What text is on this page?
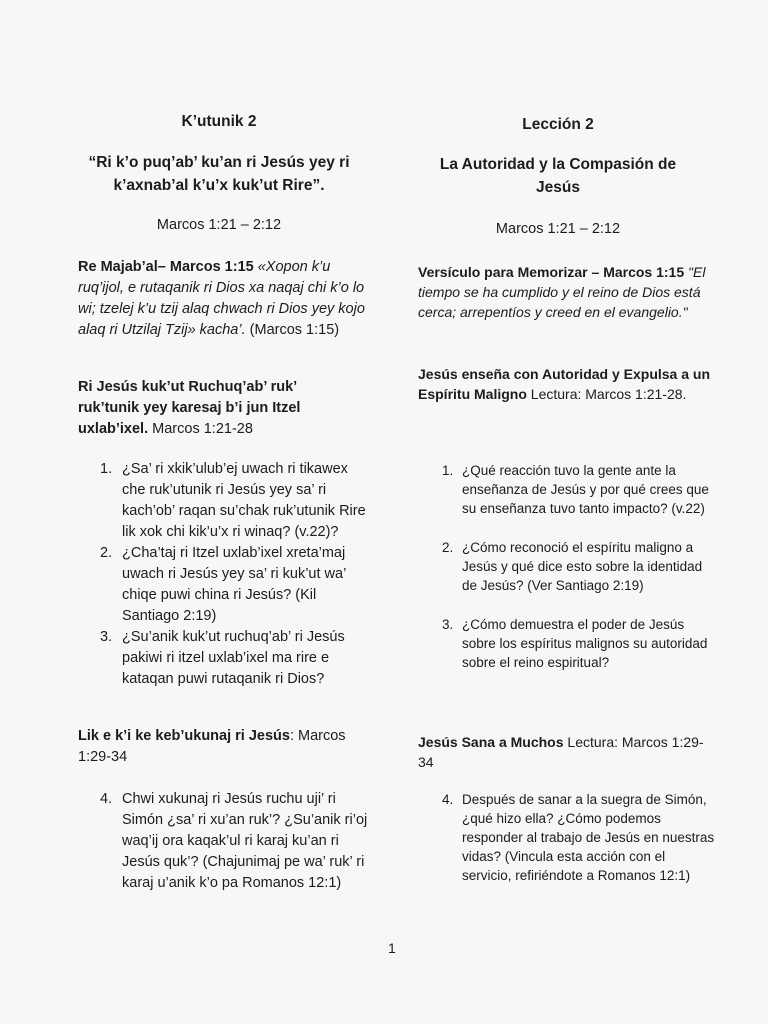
K’utunik 2
“Ri k’o puq’ab’ ku’an ri Jesús yey ri k’axnab’al k’u’x kuk’ut Rire”.
Marcos 1:21 – 2:12

Re Majab’al– Marcos 1:15 «Xopon k’u ruq’ijol, e rutaqanik ri Dios xa naqaj chi k’o lo wi; tzelej k’u tzij alaq chwach ri Dios yey kojo alaq ri Utzilaj Tzij» kacha’. (Marcos 1:15)

Ri Jesús kuk’ut Ruchuq’ab’ ruk’ ruk’tunik yey karesaj b’i jun Itzel uxlab’ixel. Marcos 1:21-28

1. ¿Sa’ ri xkik’ulub’ej uwach ri tikawex che ruk’utunik ri Jesús yey sa’ ri kach’ob’ raqan su’chak ruk’utunik Rire lik xok chi kik’u’x ri winaq? (v.22)?
2. ¿Cha’taj ri Itzel uxlab’ixel xreta’maj uwach ri Jesús yey sa’ ri kuk’ut wa’ chiqe puwi china ri Jesús? (Kil Santiago 2:19)
3. ¿Su’anik kuk’ut ruchuq’ab’ ri Jesús pakiwi ri itzel uxlab’ixel ma rire e kataqan puwi rutaqanik ri Dios?

Lik e k’i ke keb’ukunaj ri Jesús: Marcos 1:29-34

4. Chwi xukunaj ri Jesús ruchu uji’ ri Simón ¿sa’ ri xu’an ruk’? ¿Su’anik ri’oj waq’ij ora kaqak’ul ri karaj ku’an ri Jesús quk’? (Chajunimaj pe wa’ ruk’ ri karaj u’anik k’o pa Romanos 12:1)
Lección 2
La Autoridad y la Compasión de Jesús
Marcos 1:21 – 2:12

Versículo para Memorizar – Marcos 1:15 "El tiempo se ha cumplido y el reino de Dios está cerca; arrepentíos y creed en el evangelio."

Jesús enseña con Autoridad y Expulsa a un Espíritu Maligno Lectura: Marcos 1:21-28.

1. ¿Qué reacción tuvo la gente ante la enseñanza de Jesús y por qué crees que su enseñanza tuvo tanto impacto? (v.22)
2. ¿Cómo reconoció el espíritu maligno a Jesús y qué dice esto sobre la identidad de Jesús? (Ver Santiago 2:19)
3. ¿Cómo demuestra el poder de Jesús sobre los espíritus malignos su autoridad sobre el reino espiritual?

Jesús Sana a Muchos Lectura: Marcos 1:29-34

4. Después de sanar a la suegra de Simón, ¿qué hizo ella? ¿Cómo podemos responder al trabajo de Jesús en nuestras vidas? (Vincula esta acción con el servicio, refiriéndote a Romanos 12:1)
1
